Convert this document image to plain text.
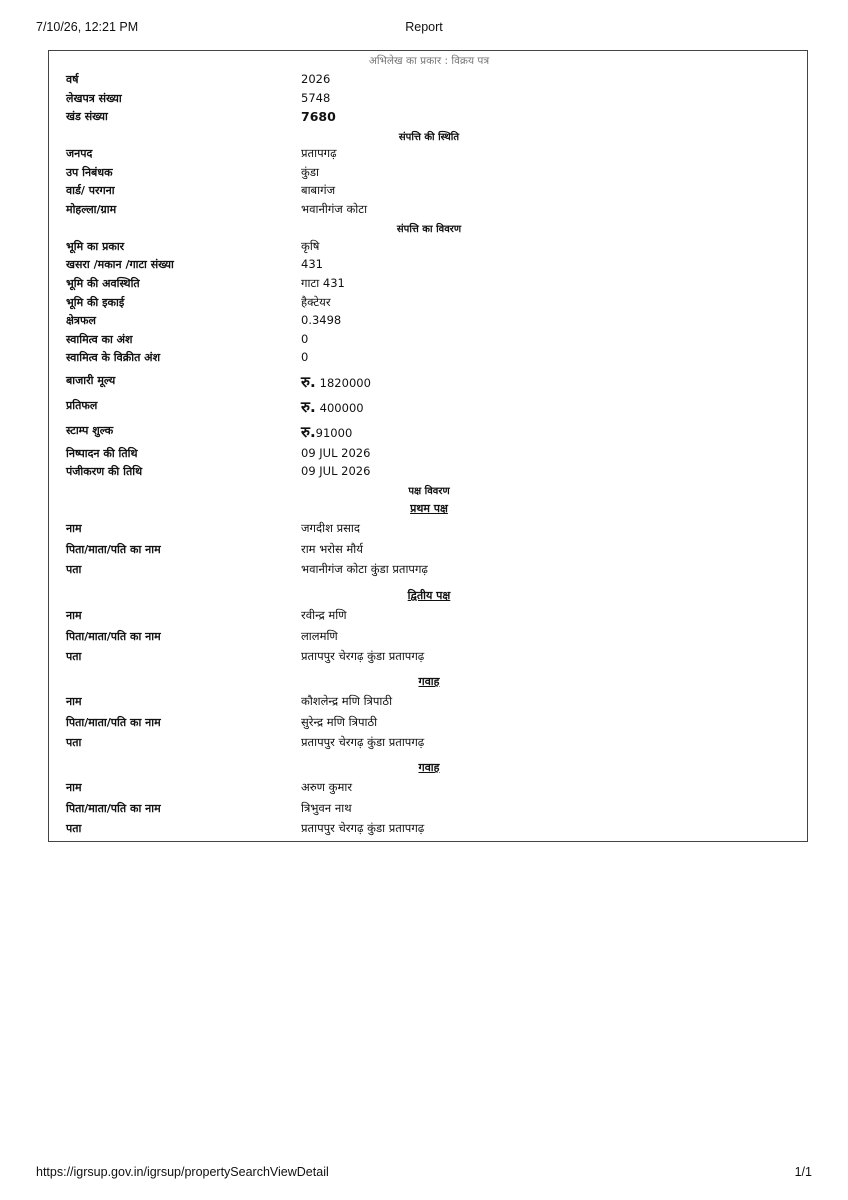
7/10/26, 12:21 PM	Report
अभिलेख का प्रकार : विक्रय पत्र
वर्ष	2026
लेखपत्र संख्या	5748
खंड संख्या	7680
संपत्ति की स्थिति
जनपद	प्रतापगढ़
उप निबंधक	कुंडा
वार्ड/ परगना	बाबागंज
मोहल्ला/ग्राम	भवानीगंज कोटा
संपत्ति का विवरण
भूमि का प्रकार	कृषि
खसरा /मकान /गाटा संख्या	431
भूमि की अवस्थिति	गाटा 431
भूमि की इकाई	हैक्टेयर
क्षेत्रफल	0.3498
स्वामित्व का अंश	0
स्वामित्व के विक्रीत अंश	0
बाजारी मूल्य	रु. 1820000
प्रतिफल	रु. 400000
स्टाम्प शुल्क	रु.91000
निष्पादन की तिथि	09 JUL 2026
पंजीकरण की तिथि	09 JUL 2026
पक्ष विवरण
प्रथम पक्ष
नाम	जगदीश प्रसाद
पिता/माता/पति का नाम	राम भरोस मौर्य
पता	भवानीगंज कोटा कुंडा प्रतापगढ़
द्वितीय पक्ष
नाम	रवीन्द्र मणि
पिता/माता/पति का नाम	लालमणि
पता	प्रतापपुर चेरगढ़ कुंडा प्रतापगढ़
गवाह
नाम	कौशलेन्द्र मणि त्रिपाठी
पिता/माता/पति का नाम	सुरेन्द्र मणि त्रिपाठी
पता	प्रतापपुर चेरगढ़ कुंडा प्रतापगढ़
गवाह
नाम	अरुण कुमार
पिता/माता/पति का नाम	त्रिभुवन नाथ
पता	प्रतापपुर चेरगढ़ कुंडा प्रतापगढ़
https://igrsup.gov.in/igrsup/propertySearchViewDetail	1/1
